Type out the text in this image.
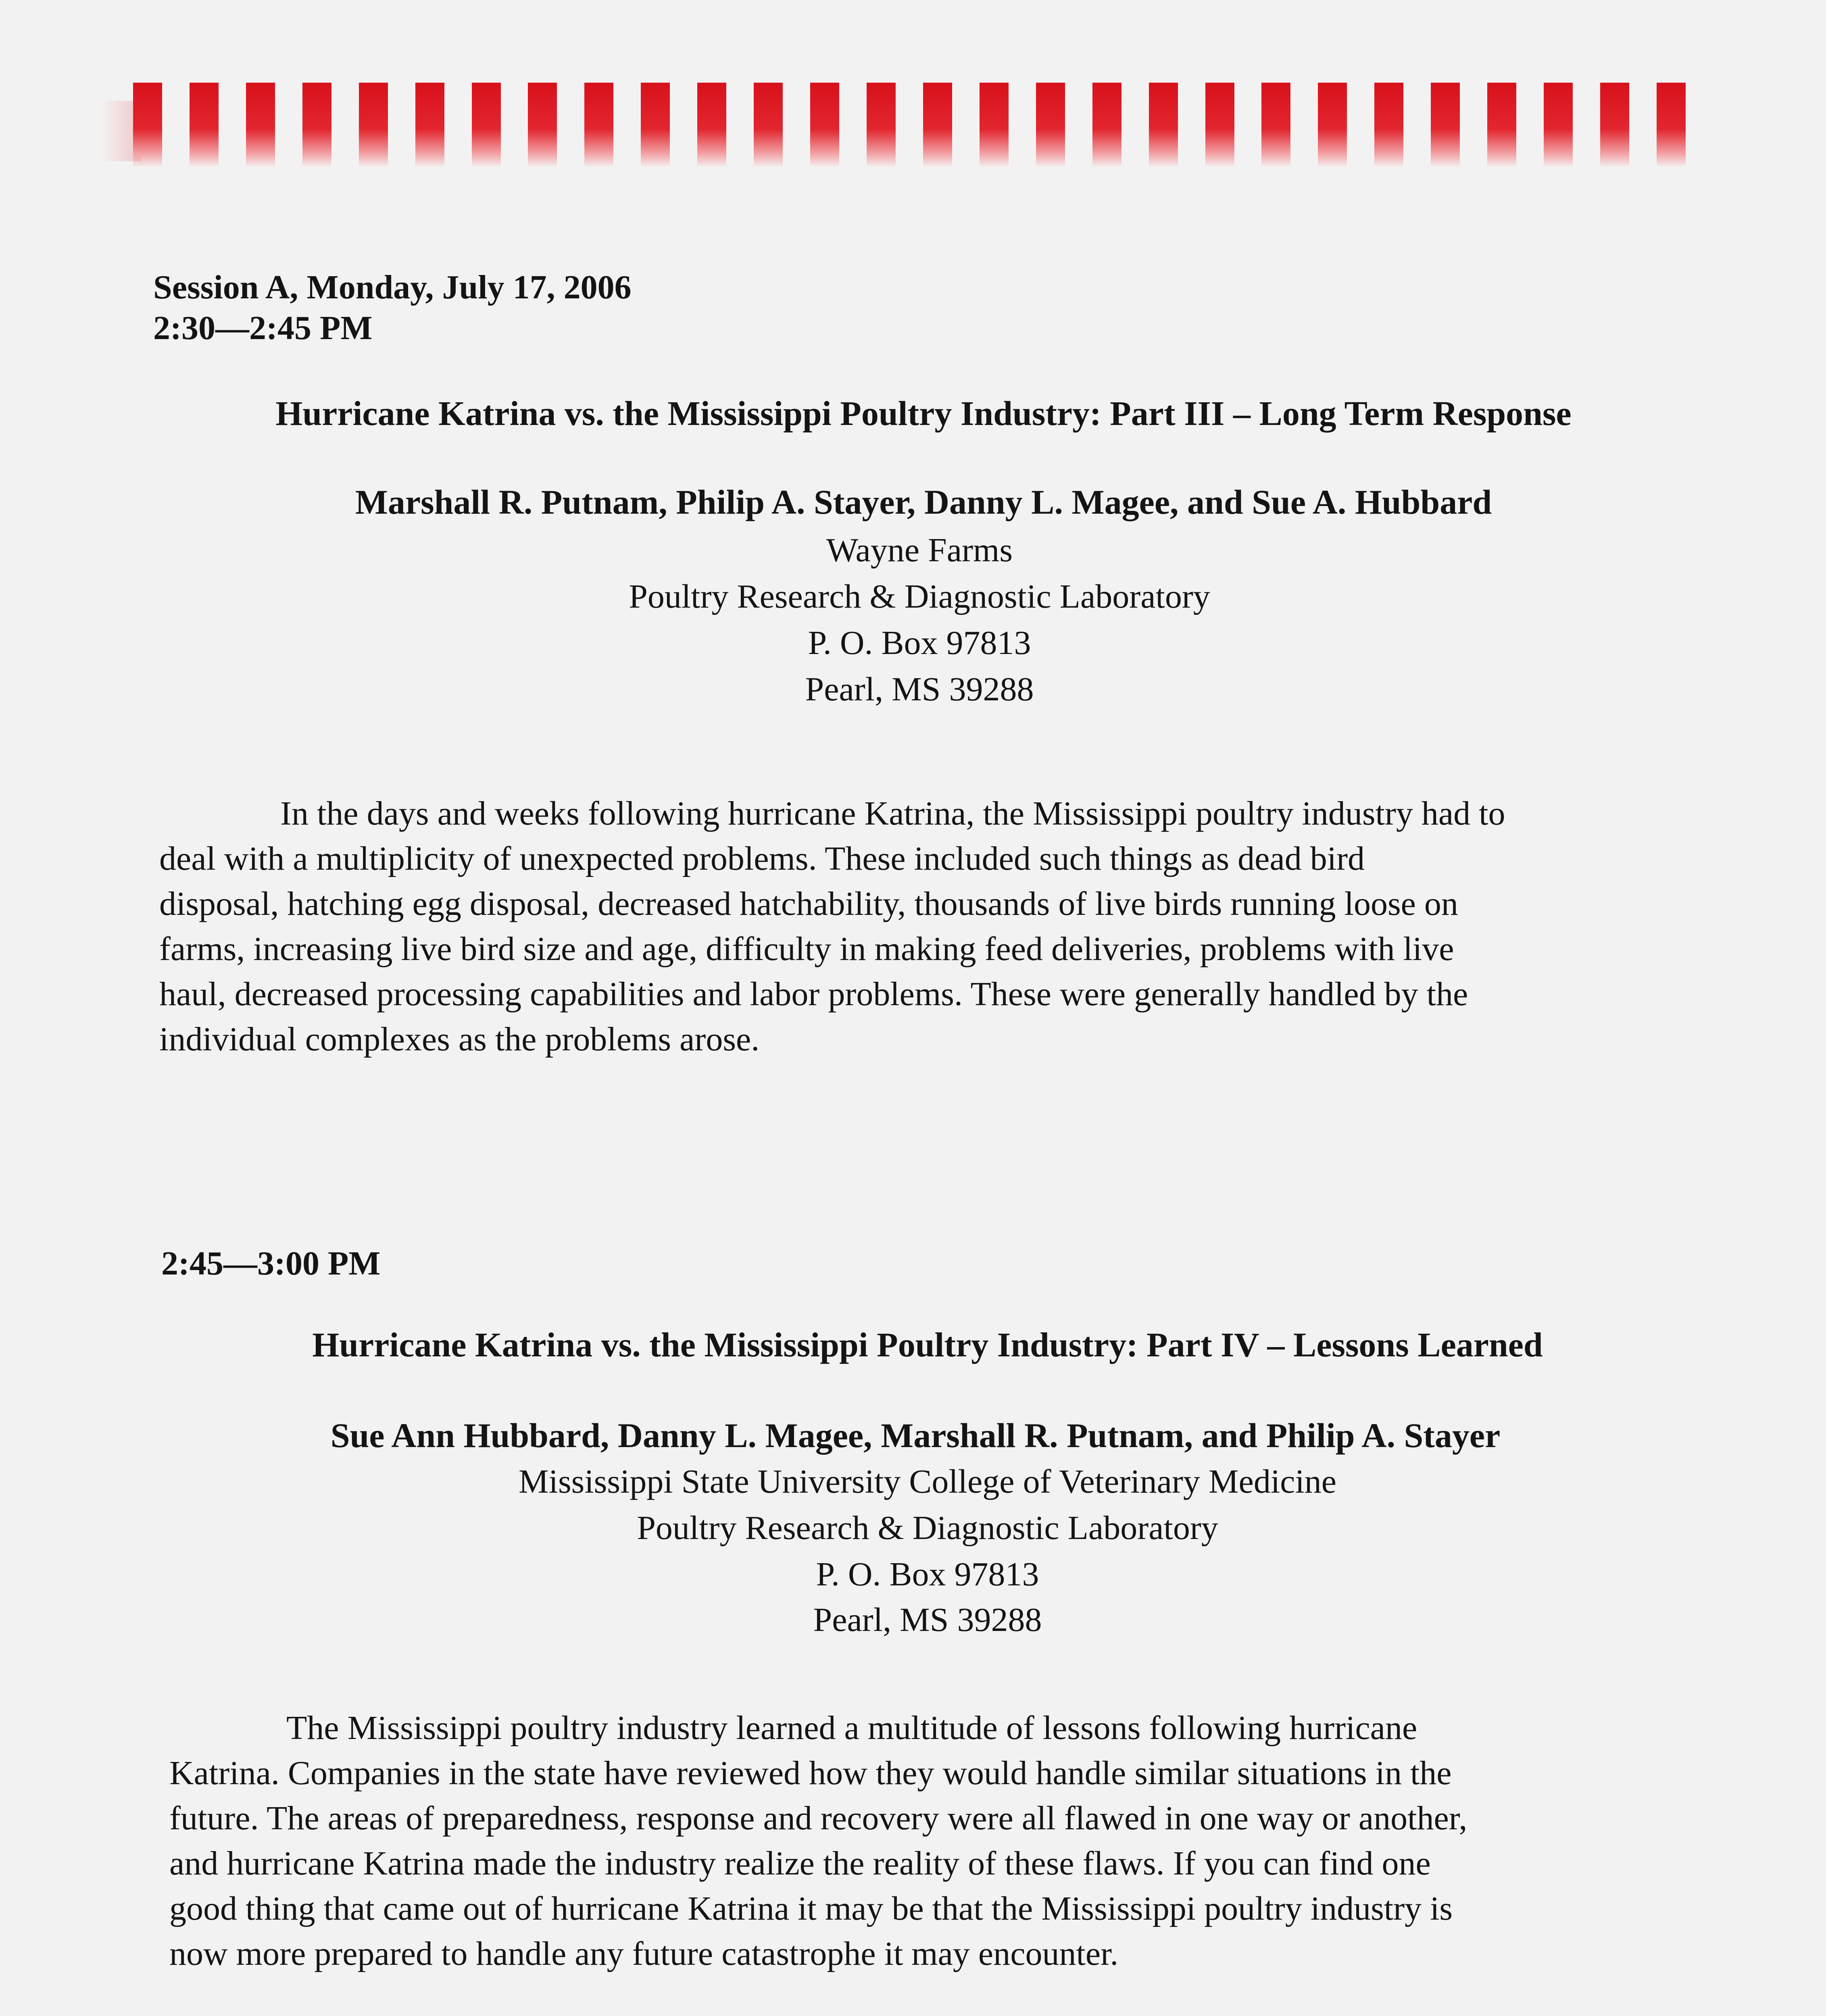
Session A, Monday, July 17, 2006
2:30—2:45 PM
Hurricane Katrina vs. the Mississippi Poultry Industry: Part III – Long Term Response
Marshall R. Putnam, Philip A. Stayer, Danny L. Magee, and Sue A. Hubbard
Wayne Farms
Poultry Research & Diagnostic Laboratory
P. O. Box 97813
Pearl, MS 39288
In the days and weeks following hurricane Katrina, the Mississippi poultry industry had to
deal with a multiplicity of unexpected problems. These included such things as dead bird
disposal, hatching egg disposal, decreased hatchability, thousands of live birds running loose on
farms, increasing live bird size and age, difficulty in making feed deliveries, problems with live
haul, decreased processing capabilities and labor problems. These were generally handled by the
individual complexes as the problems arose.
2:45—3:00 PM
Hurricane Katrina vs. the Mississippi Poultry Industry: Part IV – Lessons Learned
Sue Ann Hubbard, Danny L. Magee, Marshall R. Putnam, and Philip A. Stayer
Mississippi State University College of Veterinary Medicine
Poultry Research & Diagnostic Laboratory
P. O. Box 97813
Pearl, MS 39288
The Mississippi poultry industry learned a multitude of lessons following hurricane
Katrina. Companies in the state have reviewed how they would handle similar situations in the
future. The areas of preparedness, response and recovery were all flawed in one way or another,
and hurricane Katrina made the industry realize the reality of these flaws. If you can find one
good thing that came out of hurricane Katrina it may be that the Mississippi poultry industry is
now more prepared to handle any future catastrophe it may encounter.
